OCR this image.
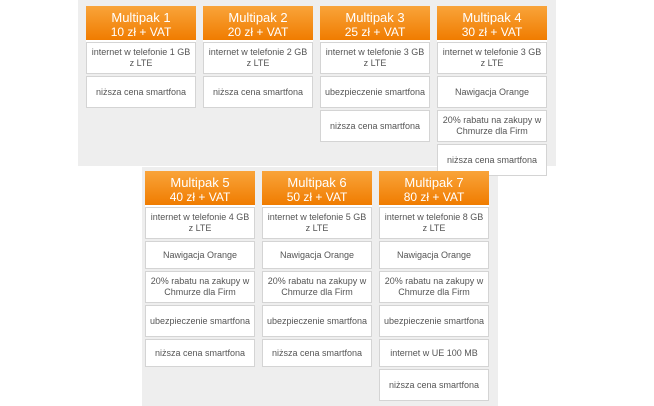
Multipak 1
10 zł + VAT
internet w telefonie 1 GB z LTE
niższa cena smartfona
Multipak 2
20 zł + VAT
internet w telefonie 2 GB z LTE
niższa cena smartfona
Multipak 3
25 zł + VAT
internet w telefonie 3 GB z LTE
ubezpieczenie smartfona
niższa cena smartfona
Multipak 4
30 zł + VAT
internet w telefonie 3 GB z LTE
Nawigacja Orange
20% rabatu na zakupy w Chmurze dla Firm
niższa cena smartfona
Multipak 5
40 zł + VAT
internet w telefonie 4 GB z LTE
Nawigacja Orange
20% rabatu na zakupy w Chmurze dla Firm
ubezpieczenie smartfona
niższa cena smartfona
Multipak 6
50 zł + VAT
internet w telefonie 5 GB z LTE
Nawigacja Orange
20% rabatu na zakupy w Chmurze dla Firm
ubezpieczenie smartfona
niższa cena smartfona
Multipak 7
80 zł + VAT
internet w telefonie 8 GB z LTE
Nawigacja Orange
20% rabatu na zakupy w Chmurze dla Firm
ubezpieczenie smartfona
internet w UE 100 MB
niższa cena smartfona
